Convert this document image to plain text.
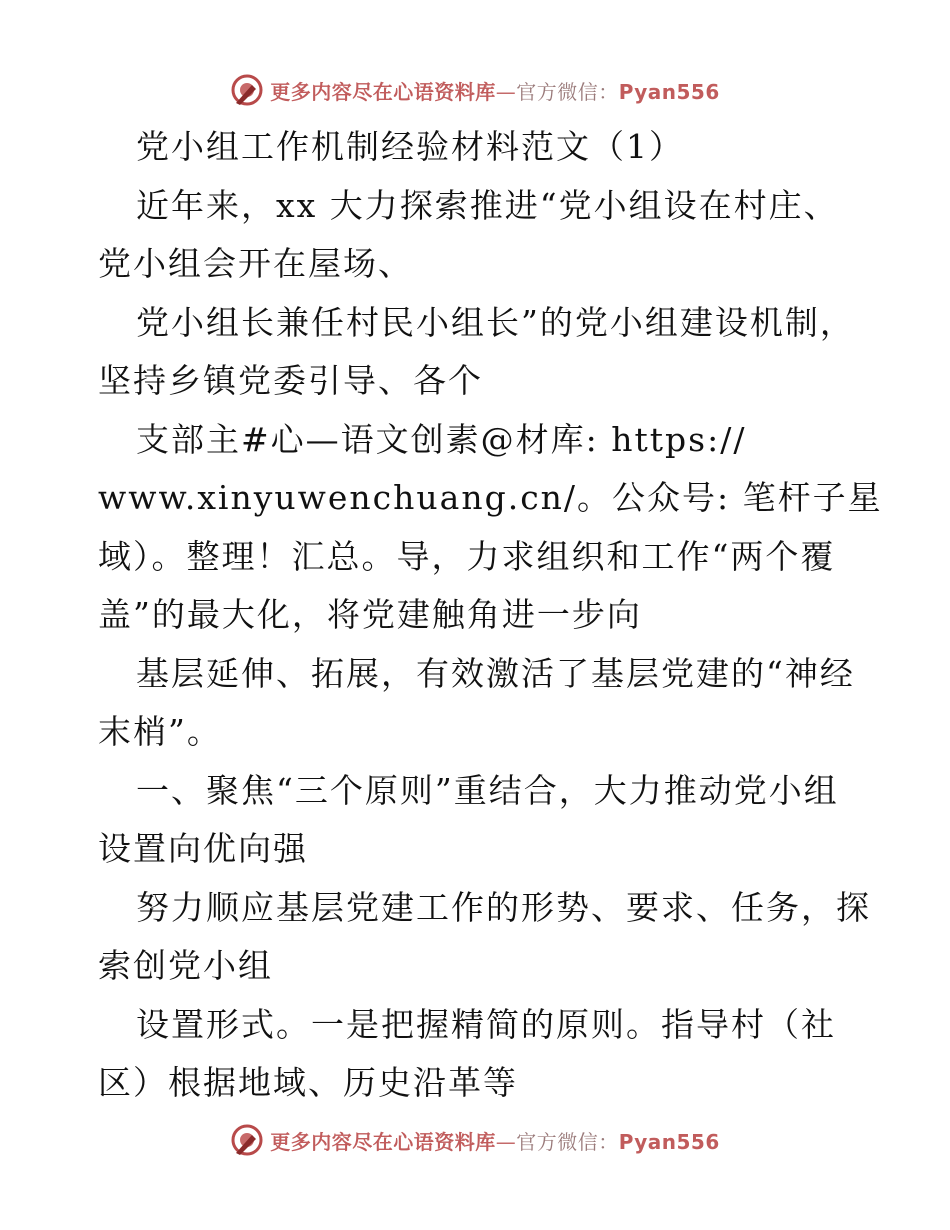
更多内容尽在心语资料库—官方微信：Pyan556
党小组工作机制经验材料范文（1）
近年来，xx 大力探索推进“党小组设在村庄、
党小组会开在屋场、
党小组长兼任村民小组长”的党小组建设机制，
坚持乡镇党委引导、各个
支部主#心—语文创素@材库: https://
www.xinyuwenchuang.cn/。公众号: 笔杆子星
域）。整理！汇总。导，力求组织和工作“两个覆
盖”的最大化，将党建触角进一步向
基层延伸、拓展，有效激活了基层党建的“神经
末梢”。
一、聚焦“三个原则”重结合，大力推动党小组
设置向优向强
努力顺应基层党建工作的形势、要求、任务，探
索创党小组
设置形式。一是把握精简的原则。指导村（社
区）根据地域、历史沿革等
更多内容尽在心语资料库—官方微信：Pyan556
